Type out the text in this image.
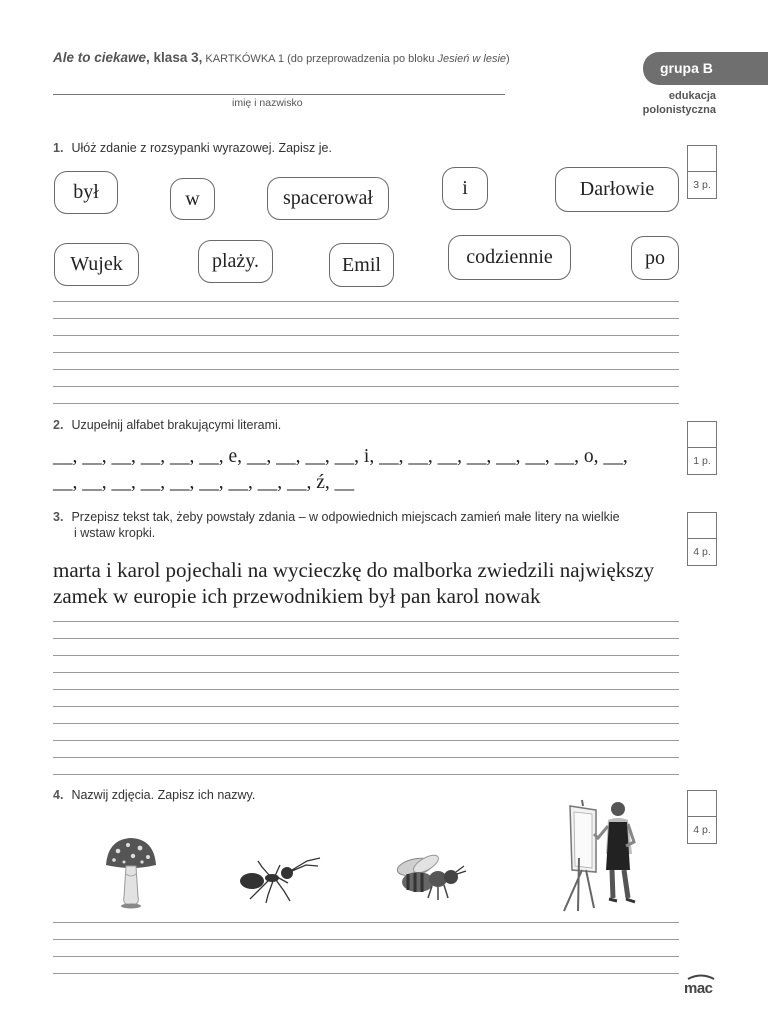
Ale to ciekawe, klasa 3, KARTKÓWKA 1 (do przeprowadzenia po bloku Jesień w lesie)
imię i nazwisko
grupa B
edukacja
polonistyczna
1. Ułóż zdanie z rozsypanki wyrazowej. Zapisz je.
3 p.
był	w	spacerował	i	Darłowie
Wujek	plaży.	Emil	codziennie	po
2. Uzupełnij alfabet brakującymi literami.
1 p.
__, __, __, __, __, __, e, __, __, __, __, i, __, __, __, __, __, __, __, o, __,
__, __, __, __, __, __, __, __, __, ź, __
3. Przepisz tekst tak, żeby powstały zdania – w odpowiednich miejscach zamień małe litery na wielkie
i wstaw kropki.
4 p.
marta i karol pojechali na wycieczkę do malborka zwiedzili największy
zamek w europie ich przewodnikiem był pan karol nowak
4. Nazwij zdjęcia. Zapisz ich nazwy.
4 p.
mac
